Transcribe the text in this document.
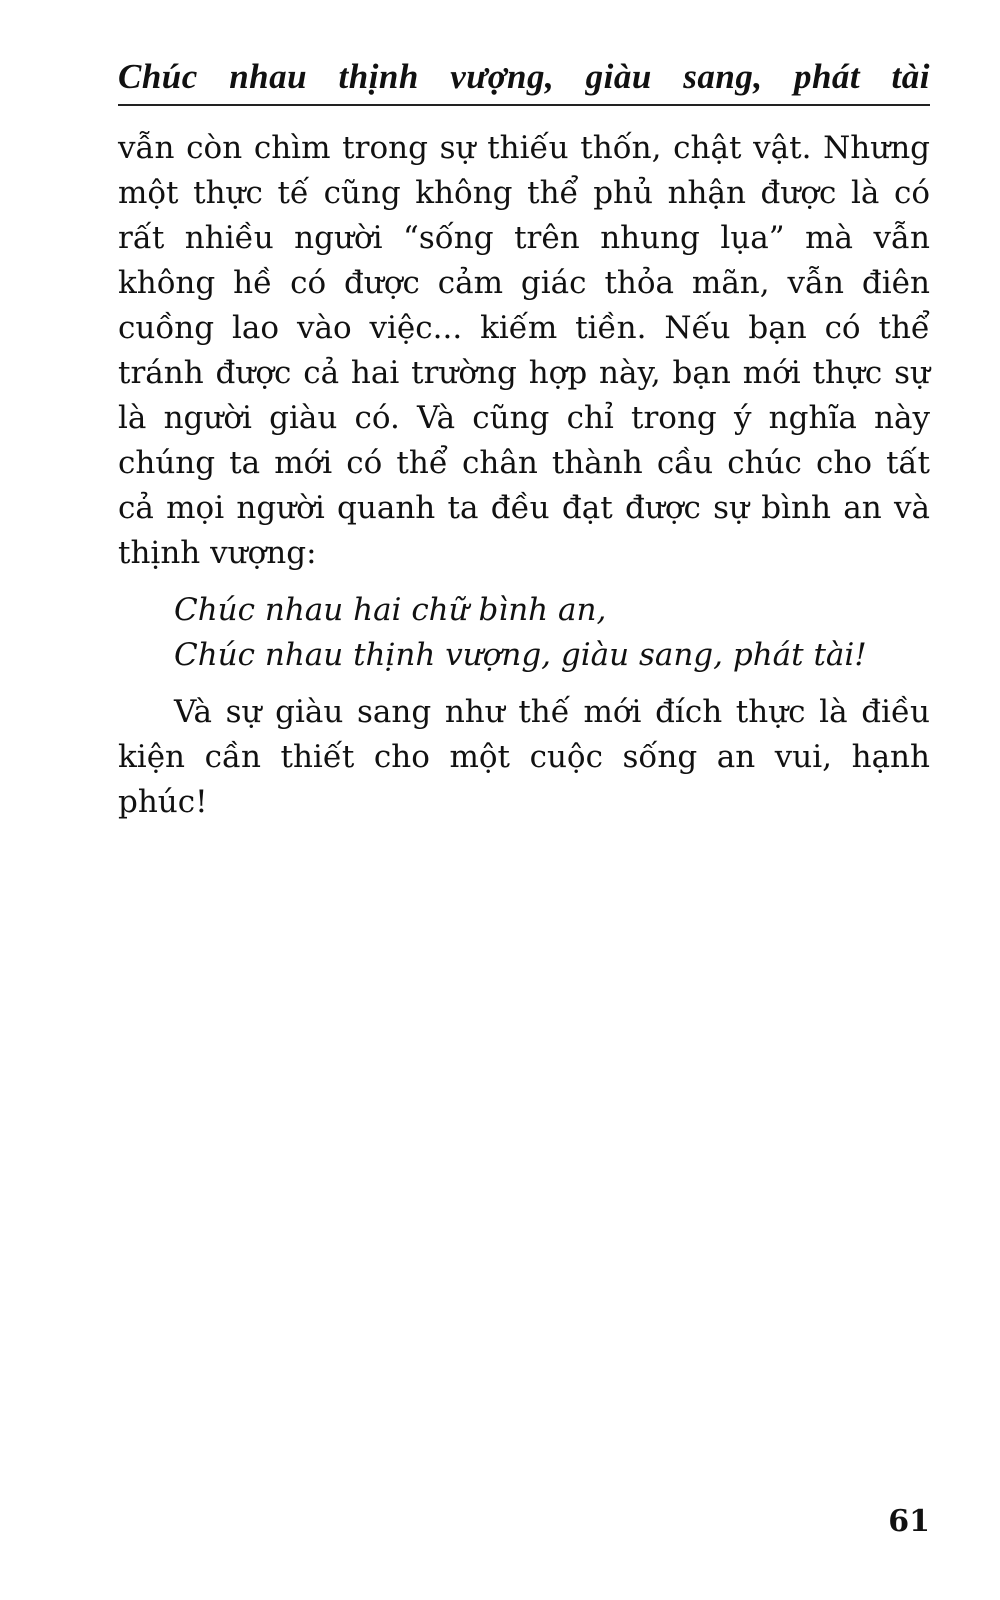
Chúc nhau thịnh vượng, giàu sang, phát tài

vẫn còn chìm trong sự thiếu thốn, chật vật. Nhưng một thực tế cũng không thể phủ nhận được là có rất nhiều người “sống trên nhung lụa” mà vẫn không hề có được cảm giác thỏa mãn, vẫn điên cuồng lao vào việc... kiếm tiền. Nếu bạn có thể tránh được cả hai trường hợp này, bạn mới thực sự là người giàu có. Và cũng chỉ trong ý nghĩa này chúng ta mới có thể chân thành cầu chúc cho tất cả mọi người quanh ta đều đạt được sự bình an và thịnh vượng:

Chúc nhau hai chữ bình an,
Chúc nhau thịnh vượng, giàu sang, phát tài!

Và sự giàu sang như thế mới đích thực là điều kiện cần thiết cho một cuộc sống an vui, hạnh phúc!

61
